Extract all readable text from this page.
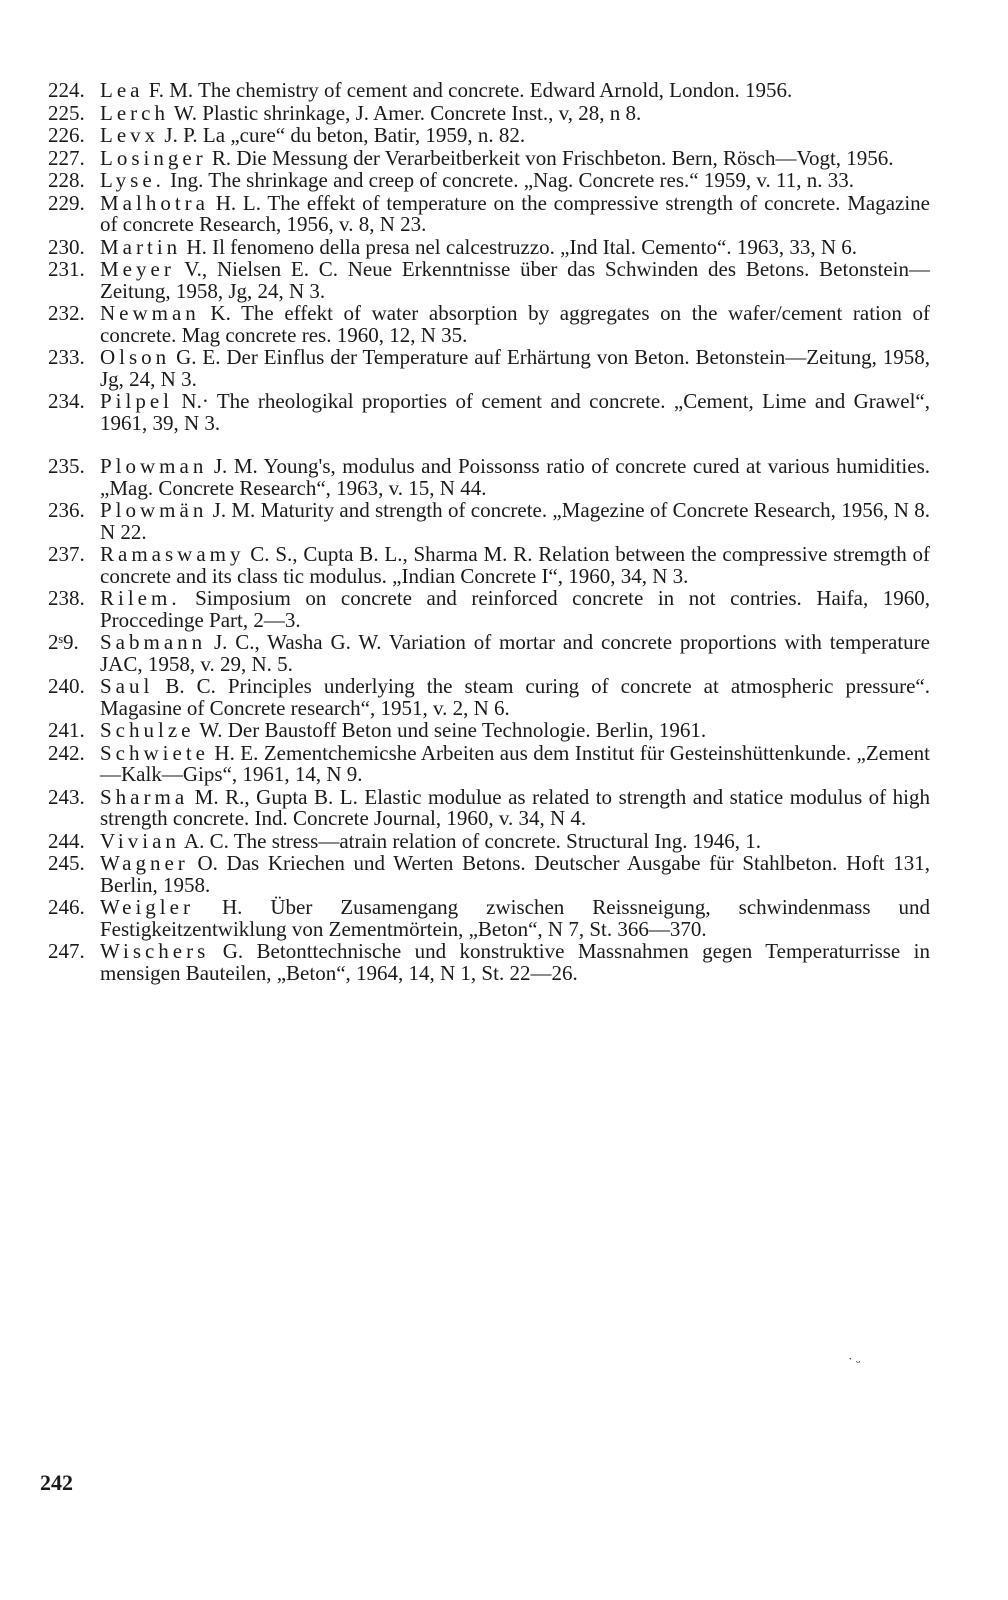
224. Lea F. M. The chemistry of cement and concrete. Edward Arnold, London. 1956.
225. Lerch W. Plastic shrinkage, J. Amer. Concrete Inst., v, 28, n 8.
226. Levx J. P. La „cure“ du beton, Batir, 1959, n. 82.
227. Losinger R. Die Messung der Verarbeitberkeit von Frischbeton. Bern, Rösch—Vogt, 1956.
228. Lyse. Ing. The shrinkage and creep of concrete. „Nag. Concrete res.“ 1959, v. 11, n. 33.
229. Malhotra H. L. The effekt of temperature on the compressive strength of concrete. Magazine of concrete Research, 1956, v. 8, N 23.
230. Martin H. Il fenomeno della presa nel calcestruzzo. „Ind Ital. Cemento“. 1963, 33, N 6.
231. Meyer V., Nielsen E. C. Neue Erkenntnisse über das Schwinden des Betons. Betonstein—Zeitung, 1958, Jg, 24, N 3.
232. Newman K. The effekt of water absorption by aggregates on the wafer/cement ration of concrete. Mag concrete res. 1960, 12, N 35.
233. Olson G. E. Der Einflus der Temperature auf Erhärtung von Beton. Betonstein—Zeitung, 1958, Jg, 24, N 3.
234. Pilpel N.· The rheologikal proporties of cement and concrete. „Cement, Lime and Grawel“, 1961, 39, N 3.
235. Plowman J. M. Young's, modulus and Poissonss ratio of concrete cured at various humidities. „Mag. Concrete Research“, 1963, v. 15, N 44.
236. Plowmän J. M. Maturity and strength of concrete. „Magezine of Concrete Research, 1956, N 8. N 22.
237. Ramaswamy C. S., Cupta B. L., Sharma M. R. Relation between the compressive stremgth of concrete and its class tic modulus. „Indian Concrete I“, 1960, 34, N 3.
238. Rilem. Simposium on concrete and reinforced concrete in not contries. Haifa, 1960, Proccedinge Part, 2—3.
2ˢ9.	Sabmann J. C., Washa G. W. Variation of mortar and concrete proportions with temperature JAC, 1958, v. 29, N. 5.
240. Saul B. C. Principles underlying the steam curing of concrete at atmospheric pressure“. Magasine of Concrete research“, 1951, v. 2, N 6.
241. Schulze W. Der Baustoff Beton und seine Technologie. Berlin, 1961.
242. Schwiete H. E. Zementchemicshe Arbeiten aus dem Institut für Gesteinshüttenkunde. „Zement—Kalk—Gips“, 1961, 14, N 9.
243. Sharma M. R., Gupta B. L. Elastic modulue as related to strength and statice modulus of high strength concrete. Ind. Concrete Journal, 1960, v. 34, N 4.
244. Vivian A. C. The stress—atrain relation of concrete. Structural Ing. 1946, 1.
245. Wagner O. Das Kriechen und Werten Betons. Deutscher Ausgabe für Stahlbeton. Hoft 131, Berlin, 1958.
246. Weigler H. Über Zusamengang zwischen Reissneigung, schwindenmass und Festigkeitzentwiklung von Zementmörtein, „Beton“, N 7, St. 366—370.
247. Wischers G. Betonttechnische und konstruktive Massnahmen gegen Temperaturrisse in mensigen Bauteilen, „Beton“, 1964, 14, N 1, St. 22—26.
˙ ᵕ
242
